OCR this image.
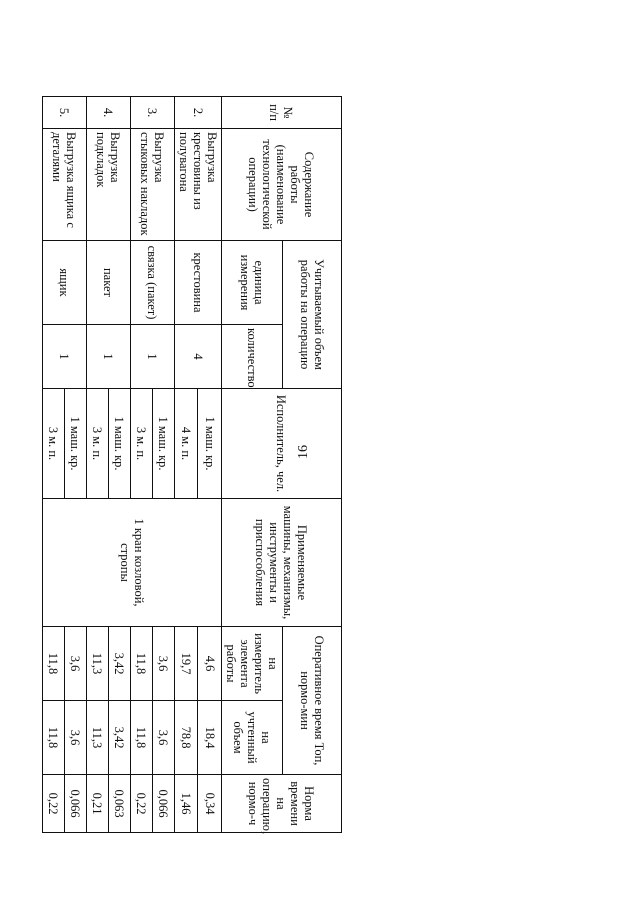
16
№ п/п	Содержание работы (наименование технологической операции)	Учитываемый объем работы на операцию		Исполнитель, чел.	Применяемые машины, механизмы, инструменты и приспособления	Оперативное время Топ, нормо-мин		Норма времени на операцию, нормо-ч
		единица измерения	количество			на измеритель элемента работы	на учтенный объем	
2.	Выгрузка крестовины из полувагона	крестовина	4	1 маш. кр.	1 кран козловой, стропы	4,6	18,4	0,34
				4 м. п.		19,7	78,8	1,46
3.	Выгрузка стыковых накладок	связка (пакет)	1	1 маш. кр.		3,6	3,6	0,066
				3 м. п.		11,8	11,8	0,22
4.	Выгрузка подкладок	пакет	1	1 маш. кр.		3,42	3,42	0,063
				3 м. п.		11,3	11,3	0,21
5.	Выгрузка ящика с деталями	ящик	1	1 маш. кр.		3,6	3,6	0,066
				3 м. п.		11,8	11,8	0,22
